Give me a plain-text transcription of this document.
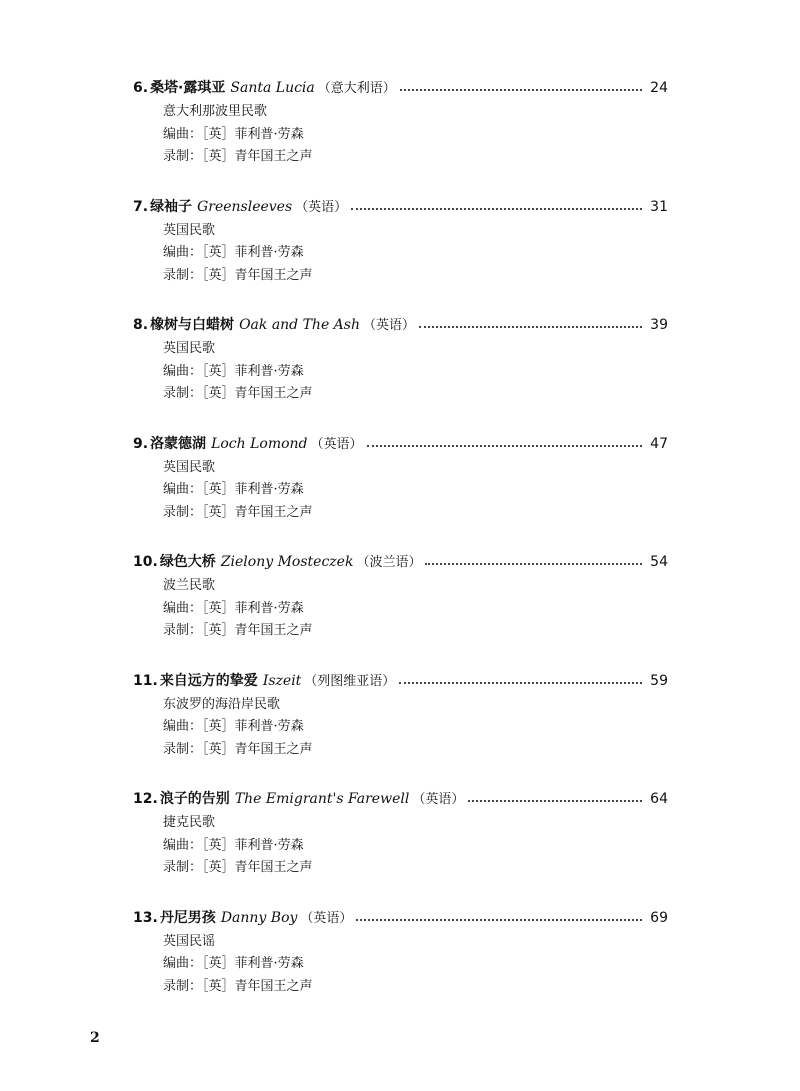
6. 桑塔·露琪亚 Santa Lucia （意大利语）	24
意大利那波里民歌
编曲：［英］菲利普·劳森
录制：［英］青年国王之声
7. 绿袖子 Greensleeves （英语）	31
英国民歌
编曲：［英］菲利普·劳森
录制：［英］青年国王之声
8. 橡树与白蜡树 Oak and The Ash （英语）	39
英国民歌
编曲：［英］菲利普·劳森
录制：［英］青年国王之声
9. 洛蒙德湖 Loch Lomond （英语）	47
英国民歌
编曲：［英］菲利普·劳森
录制：［英］青年国王之声
10. 绿色大桥 Zielony Mosteczek （波兰语）	54
波兰民歌
编曲：［英］菲利普·劳森
录制：［英］青年国王之声
11. 来自远方的挚爱 Iszeit （列图维亚语）	59
东波罗的海沿岸民歌
编曲：［英］菲利普·劳森
录制：［英］青年国王之声
12. 浪子的告别 The Emigrant's Farewell （英语）	64
捷克民歌
编曲：［英］菲利普·劳森
录制：［英］青年国王之声
13. 丹尼男孩 Danny Boy （英语）	69
英国民谣
编曲：［英］菲利普·劳森
录制：［英］青年国王之声
2
